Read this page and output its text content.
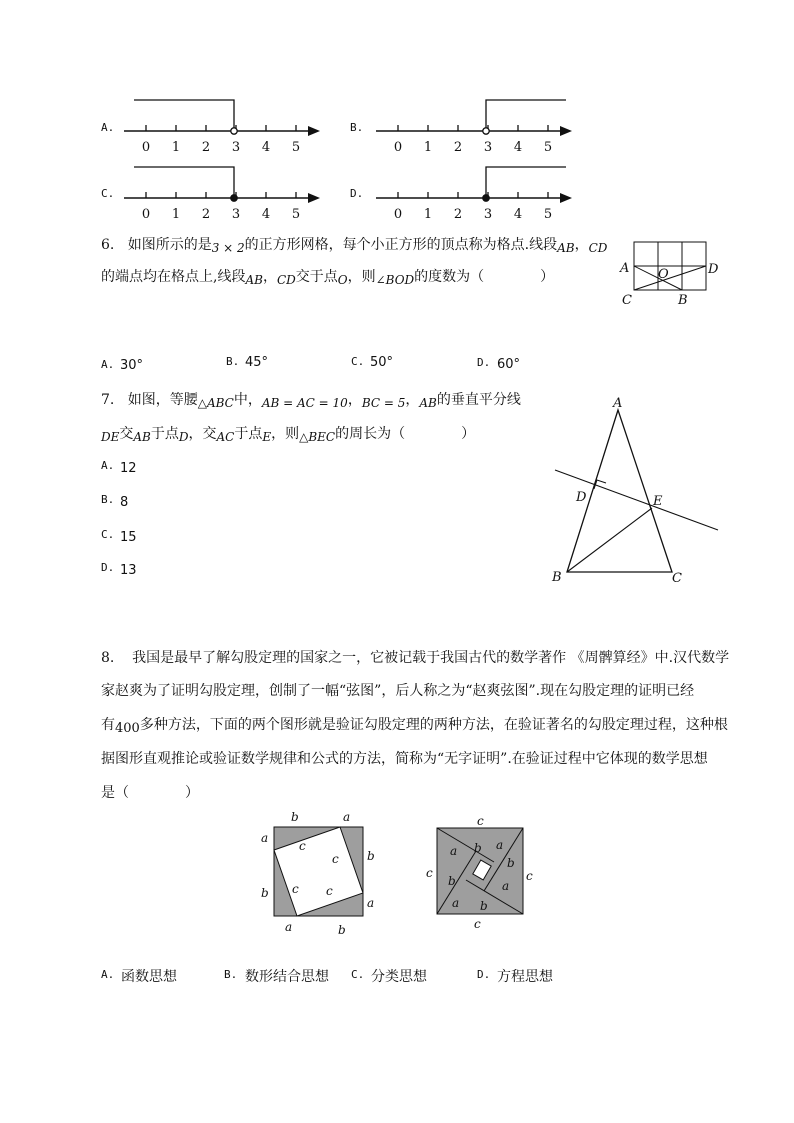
A.
0 1 2 3 4 5
B.
0 1 2 3 4 5
C.
0 1 2 3 4 5
D.
0 1 2 3 4 5
6. 如图所示的是3 × 2的正方形网格，每个小正方形的顶点称为格点.线段AB，CD
的端点均在格点上,线段AB，CD交于点O，则∠BOD的度数为（　　　　）
A	D
C	B
O
A. 30°	B. 45°	C. 50°	D. 60°
7. 如图，等腰△ABC中，AB = AC = 10，BC = 5，AB的垂直平分线
DE交AB于点D，交AC于点E，则△BEC的周长为（　　　　）
A. 12
B. 8
C. 15
D. 13
A
B	C
D	E
8. 我国是最早了解勾股定理的国家之一，它被记载于我国古代的数学著作 《周髀算经》中.汉代数学
家赵爽为了证明勾股定理，创制了一幅“弦图”，后人称之为“赵爽弦图”.现在勾股定理的证明已经
有400多种方法，下面的两个图形就是验证勾股定理的两种方法，在验证著名的勾股定理过程，这种根
据图形直观推论或验证数学规律和公式的方法，简称为“无字证明”.在验证过程中它体现的数学思想
是（　　　　）
b	a
a
b
b
a
a	b
c
c
c c
c
c	c
c
a b a
b
a
b
a
b
A. 函数思想	B. 数形结合思想 C. 分类思想	D. 方程思想
